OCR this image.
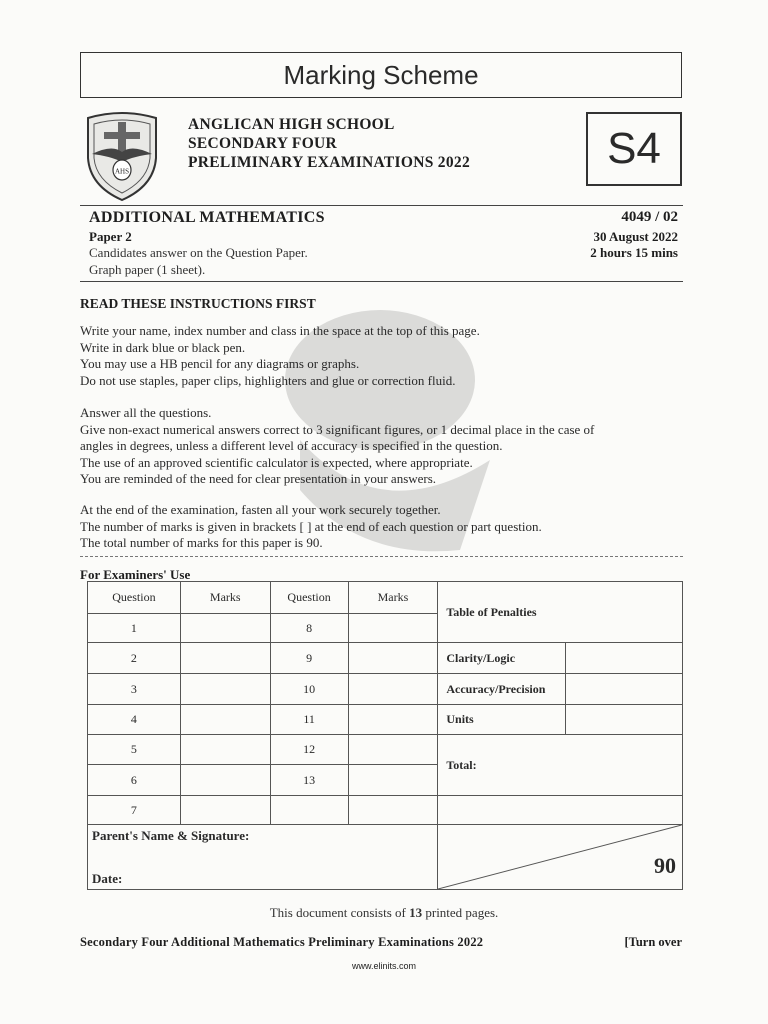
Marking Scheme
AHS
ANGLICAN HIGH SCHOOL
SECONDARY FOUR
PRELIMINARY EXAMINATIONS 2022	S4
ADDITIONAL MATHEMATICS
Paper 2
Candidates answer on the Question Paper.
Graph paper (1 sheet).
4049 / 02
30 August 2022
2 hours 15 mins
READ THESE INSTRUCTIONS FIRST
Write your name, index number and class in the space at the top of this page.
Write in dark blue or black pen.
You may use a HB pencil for any diagrams or graphs.
Do not use staples, paper clips, highlighters and glue or correction fluid.
Answer all the questions.
Give non-exact numerical answers correct to 3 significant figures, or 1 decimal place in the case of
angles in degrees, unless a different level of accuracy is specified in the question.
The use of an approved scientific calculator is expected, where appropriate.
You are reminded of the need for clear presentation in your answers.
At the end of the examination, fasten all your work securely together.
The number of marks is given in brackets [ ] at the end of each question or part question.
The total number of marks for this paper is 90.
For Examiners' Use
Question	Marks	Question	Marks	Table of Penalties	
1		8			
2		9		Clarity/Logic	
3		10		Accuracy/Precision	
4		11		Units	
5		12		Total:	
6		13			
7					
Parent's Name & Signature:
Date:				90	
This document consists of 13 printed pages.
Secondary Four Additional Mathematics Preliminary Examinations 2022	[Turn over
www.elinits.com
